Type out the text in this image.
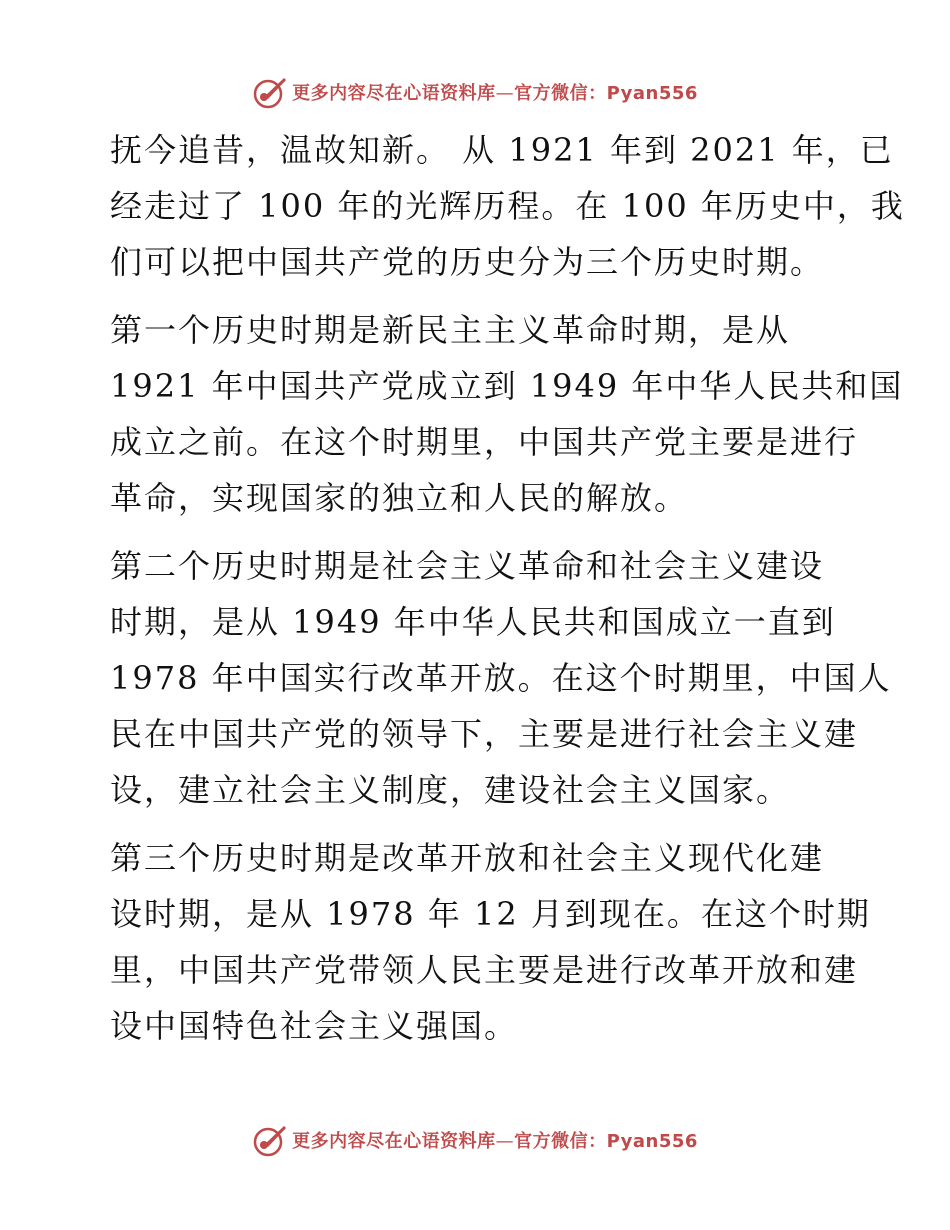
更多内容尽在心语资料库—官方微信：Pyan556

抚今追昔，温故知新。 从 1921 年到 2021 年，已
经走过了 100 年的光辉历程。在 100 年历史中，我
们可以把中国共产党的历史分为三个历史时期。

第一个历史时期是新民主主义革命时期，是从
1921 年中国共产党成立到 1949 年中华人民共和国
成立之前。在这个时期里，中国共产党主要是进行
革命，实现国家的独立和人民的解放。

第二个历史时期是社会主义革命和社会主义建设
时期，是从 1949 年中华人民共和国成立一直到
1978 年中国实行改革开放。在这个时期里，中国人
民在中国共产党的领导下，主要是进行社会主义建
设，建立社会主义制度，建设社会主义国家。

第三个历史时期是改革开放和社会主义现代化建
设时期，是从 1978 年 12 月到现在。在这个时期
里，中国共产党带领人民主要是进行改革开放和建
设中国特色社会主义强国。

更多内容尽在心语资料库—官方微信：Pyan556
